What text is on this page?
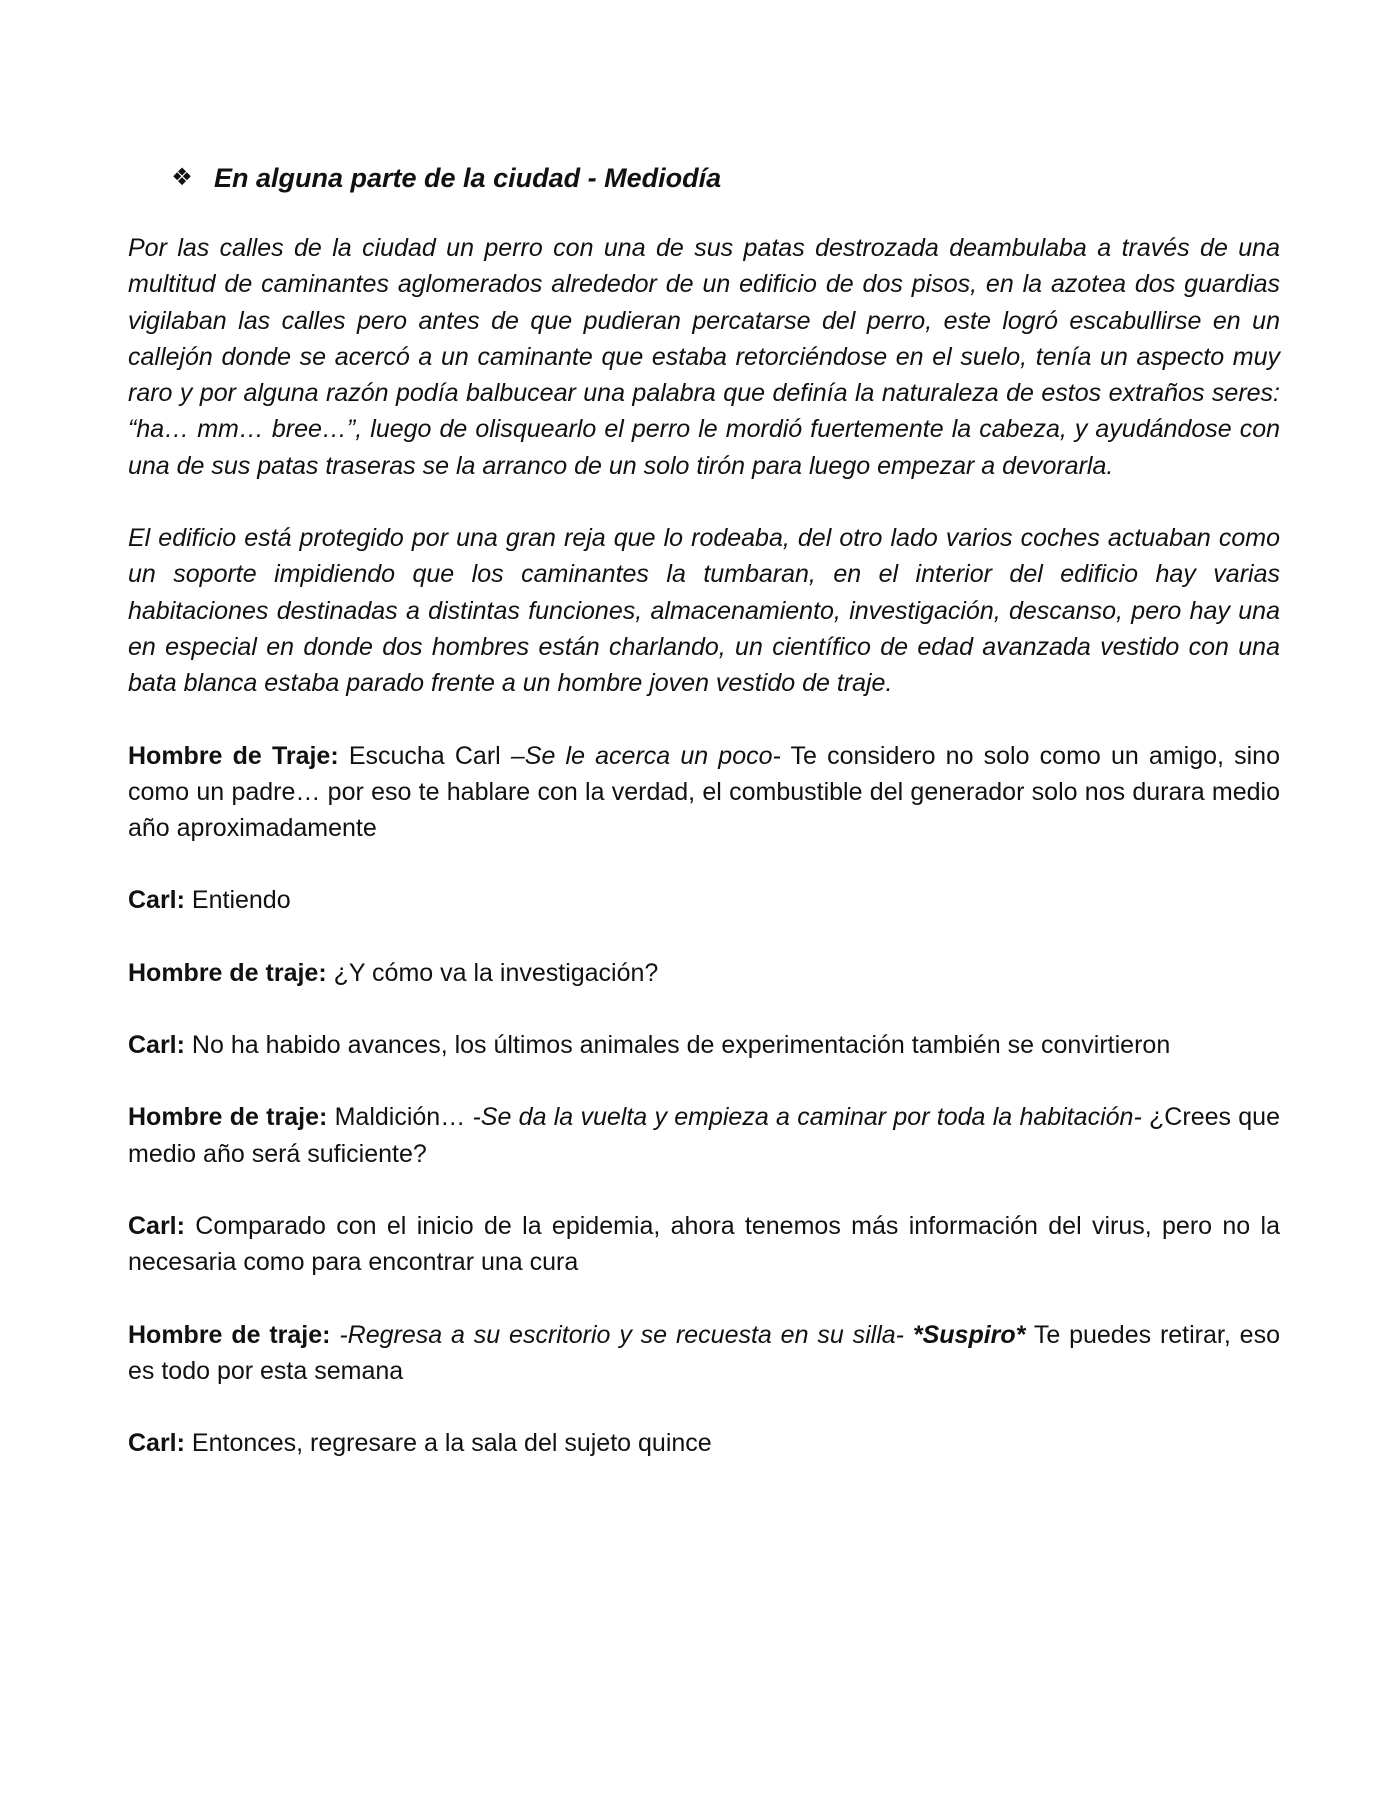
❖ En alguna parte de la ciudad - Mediodía

Por las calles de la ciudad un perro con una de sus patas destrozada deambulaba a través de una multitud de caminantes aglomerados alrededor de un edificio de dos pisos, en la azotea dos guardias vigilaban las calles pero antes de que pudieran percatarse del perro, este logró escabullirse en un callejón donde se acercó a un caminante que estaba retorciéndose en el suelo, tenía un aspecto muy raro y por alguna razón podía balbucear una palabra que definía la naturaleza de estos extraños seres: “ha… mm… bree…”, luego de olisquearlo el perro le mordió fuertemente la cabeza, y ayudándose con una de sus patas traseras se la arranco de un solo tirón para luego empezar a devorarla.

El edificio está protegido por una gran reja que lo rodeaba, del otro lado varios coches actuaban como un soporte impidiendo que los caminantes la tumbaran, en el interior del edificio hay varias habitaciones destinadas a distintas funciones, almacenamiento, investigación, descanso, pero hay una en especial en donde dos hombres están charlando, un científico de edad avanzada vestido con una bata blanca estaba parado frente a un hombre joven vestido de traje.

Hombre de Traje: Escucha Carl –Se le acerca un poco- Te considero no solo como un amigo, sino como un padre… por eso te hablare con la verdad, el combustible del generador solo nos durara medio año aproximadamente

Carl: Entiendo

Hombre de traje: ¿Y cómo va la investigación?

Carl: No ha habido avances, los últimos animales de experimentación también se convirtieron

Hombre de traje: Maldición… -Se da la vuelta y empieza a caminar por toda la habitación- ¿Crees que medio año será suficiente?

Carl: Comparado con el inicio de la epidemia, ahora tenemos más información del virus, pero no la necesaria como para encontrar una cura

Hombre de traje: -Regresa a su escritorio y se recuesta en su silla- *Suspiro* Te puedes retirar, eso es todo por esta semana

Carl: Entonces, regresare a la sala del sujeto quince
